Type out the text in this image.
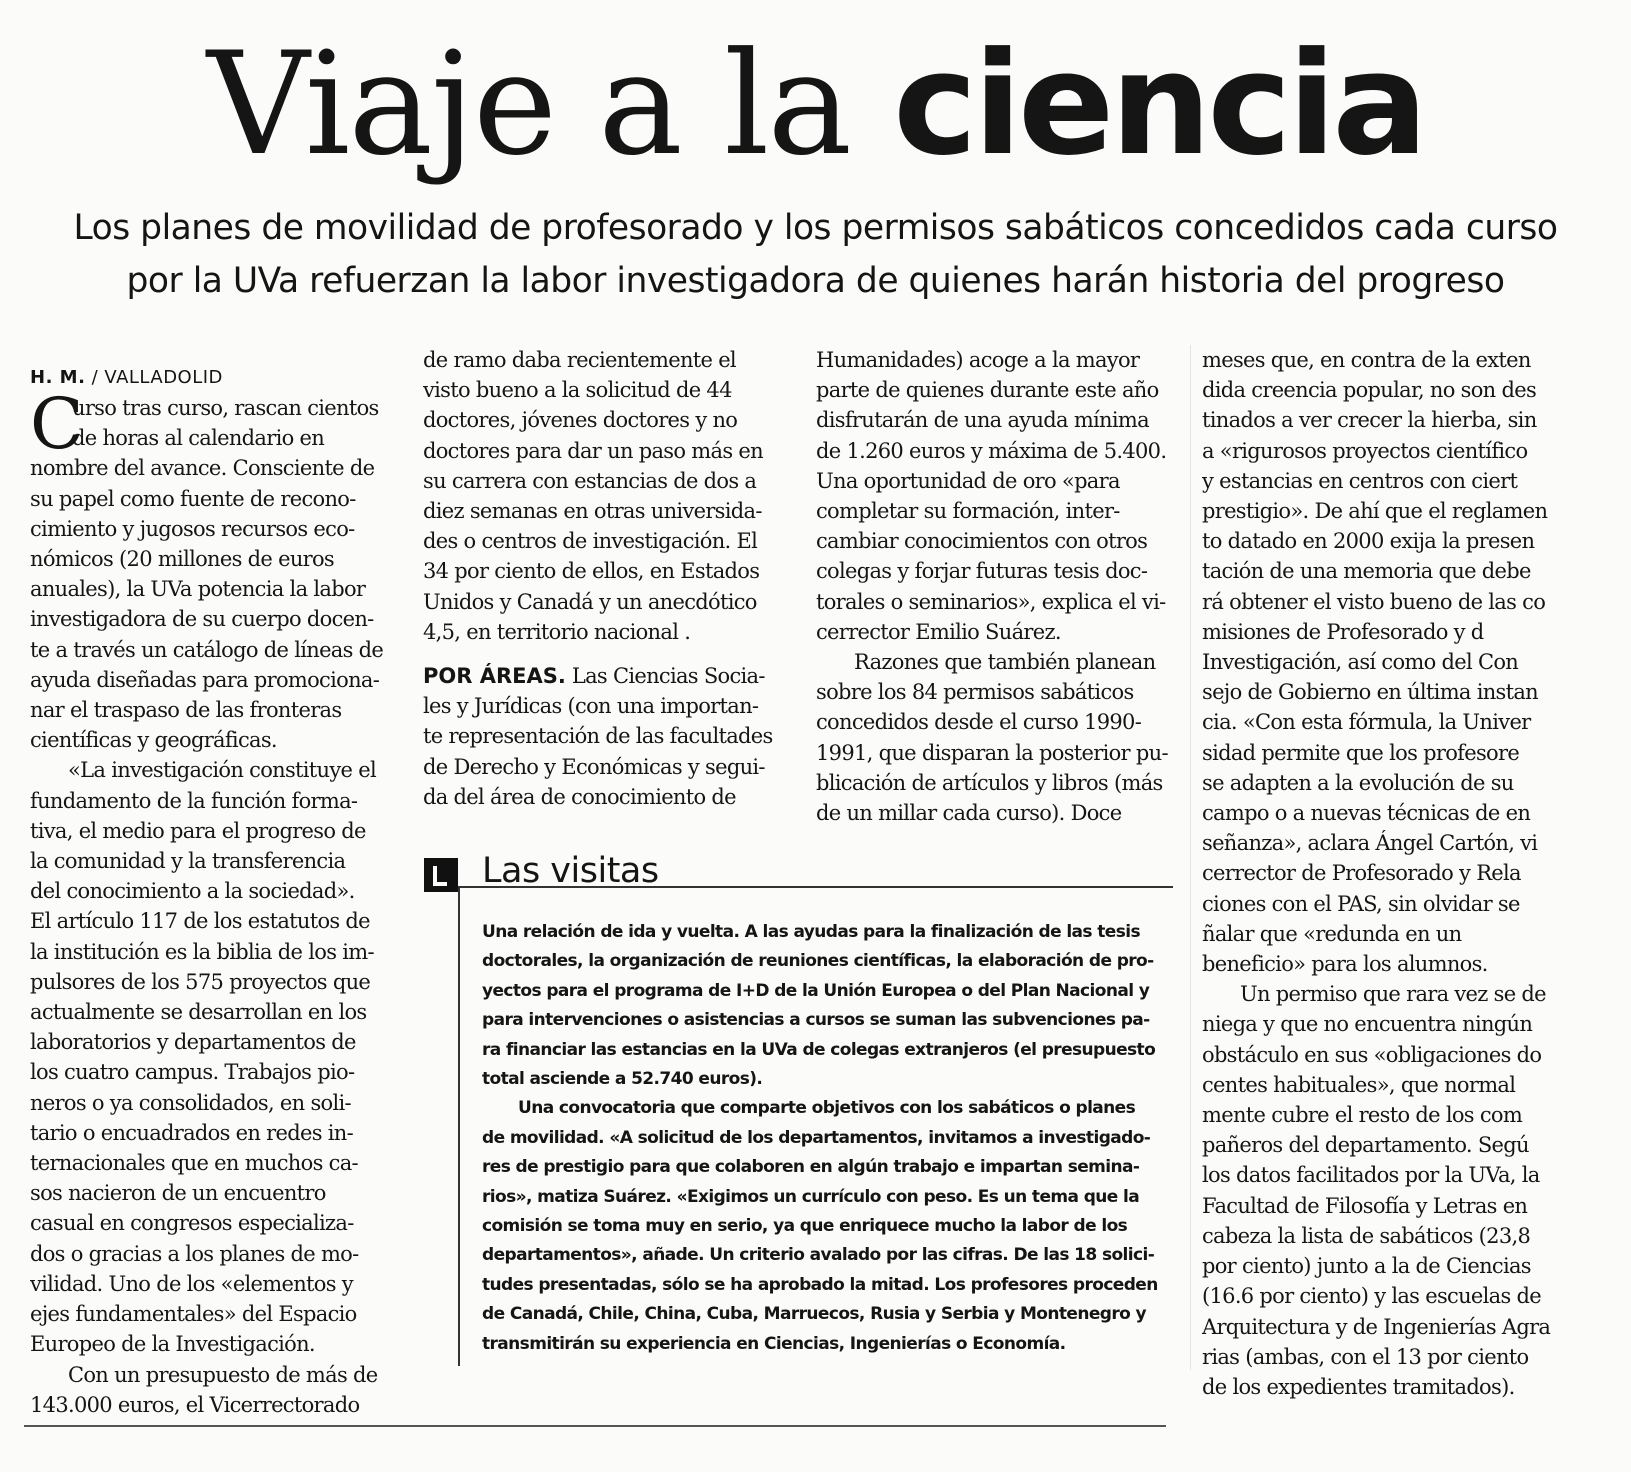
Viaje a la ciencia
Los planes de movilidad de profesorado y los permisos sabáticos concedidos cada curso
por la UVa refuerzan la labor investigadora de quienes harán historia del progreso
H. M. / VALLADOLID
C
urso tras curso, rascan cientos
de horas al calendario en
nombre del avance. Consciente de
su papel como fuente de recono-
cimiento y jugosos recursos eco-
nómicos (20 millones de euros
anuales), la UVa potencia la labor
investigadora de su cuerpo docen-
te a través un catálogo de líneas de
ayuda diseñadas para promociona-
nar el traspaso de las fronteras
científicas y geográficas.
«La investigación constituye el
fundamento de la función forma-
tiva, el medio para el progreso de
la comunidad y la transferencia
del conocimiento a la sociedad».
El artículo 117 de los estatutos de
la institución es la biblia de los im-
pulsores de los 575 proyectos que
actualmente se desarrollan en los
laboratorios y departamentos de
los cuatro campus. Trabajos pio-
neros o ya consolidados, en soli-
tario o encuadrados en redes in-
ternacionales que en muchos ca-
sos nacieron de un encuentro
casual en congresos especializa-
dos o gracias a los planes de mo-
vilidad. Uno de los «elementos y
ejes fundamentales» del Espacio
Europeo de la Investigación.
Con un presupuesto de más de
143.000 euros, el Vicerrectorado
de ramo daba recientemente el
visto bueno a la solicitud de 44
doctores, jóvenes doctores y no
doctores para dar un paso más en
su carrera con estancias de dos a
diez semanas en otras universida-
des o centros de investigación. El
34 por ciento de ellos, en Estados
Unidos y Canadá y un anecdótico
4,5, en territorio nacional .
POR ÁREAS. Las Ciencias Socia-
les y Jurídicas (con una importan-
te representación de las facultades
de Derecho y Económicas y segui-
da del área de conocimiento de
Humanidades) acoge a la mayor
parte de quienes durante este año
disfrutarán de una ayuda mínima
de 1.260 euros y máxima de 5.400.
Una oportunidad de oro «para
completar su formación, inter-
cambiar conocimientos con otros
colegas y forjar futuras tesis doc-
torales o seminarios», explica el vi-
cerrector Emilio Suárez.
Razones que también planean
sobre los 84 permisos sabáticos
concedidos desde el curso 1990-
1991, que disparan la posterior pu-
blicación de artículos y libros (más
de un millar cada curso). Doce
meses que, en contra de la exten
dida creencia popular, no son des
tinados a ver crecer la hierba, sin
a «rigurosos proyectos científico
y estancias en centros con ciert
prestigio». De ahí que el reglamen
to datado en 2000 exija la presen
tación de una memoria que debe
rá obtener el visto bueno de las co
misiones de Profesorado y d
Investigación, así como del Con
sejo de Gobierno en última instan
cia. «Con esta fórmula, la Univer
sidad permite que los profesore
se adapten a la evolución de su
campo o a nuevas técnicas de en
señanza», aclara Ángel Cartón, vi
cerrector de Profesorado y Rela
ciones con el PAS, sin olvidar se
ñalar que «redunda en un
beneficio» para los alumnos.
Un permiso que rara vez se de
niega y que no encuentra ningún
obstáculo en sus «obligaciones do
centes habituales», que normal
mente cubre el resto de los com
pañeros del departamento. Segú
los datos facilitados por la UVa, la
Facultad de Filosofía y Letras en
cabeza la lista de sabáticos (23,8
por ciento) junto a la de Ciencias
(16.6 por ciento) y las escuelas de
Arquitectura y de Ingenierías Agra
rias (ambas, con el 13 por ciento
de los expedientes tramitados).
Las visitas
Una relación de ida y vuelta. A las ayudas para la finalización de las tesis
doctorales, la organización de reuniones científicas, la elaboración de pro-
yectos para el programa de I+D de la Unión Europea o del Plan Nacional y
para intervenciones o asistencias a cursos se suman las subvenciones pa-
ra financiar las estancias en la UVa de colegas extranjeros (el presupuesto
total asciende a 52.740 euros).
Una convocatoria que comparte objetivos con los sabáticos o planes
de movilidad. «A solicitud de los departamentos, invitamos a investigado-
res de prestigio para que colaboren en algún trabajo e impartan semina-
rios», matiza Suárez. «Exigimos un currículo con peso. Es un tema que la
comisión se toma muy en serio, ya que enriquece mucho la labor de los
departamentos», añade. Un criterio avalado por las cifras. De las 18 solici-
tudes presentadas, sólo se ha aprobado la mitad. Los profesores proceden
de Canadá, Chile, China, Cuba, Marruecos, Rusia y Serbia y Montenegro y
transmitirán su experiencia en Ciencias, Ingenierías o Economía.
